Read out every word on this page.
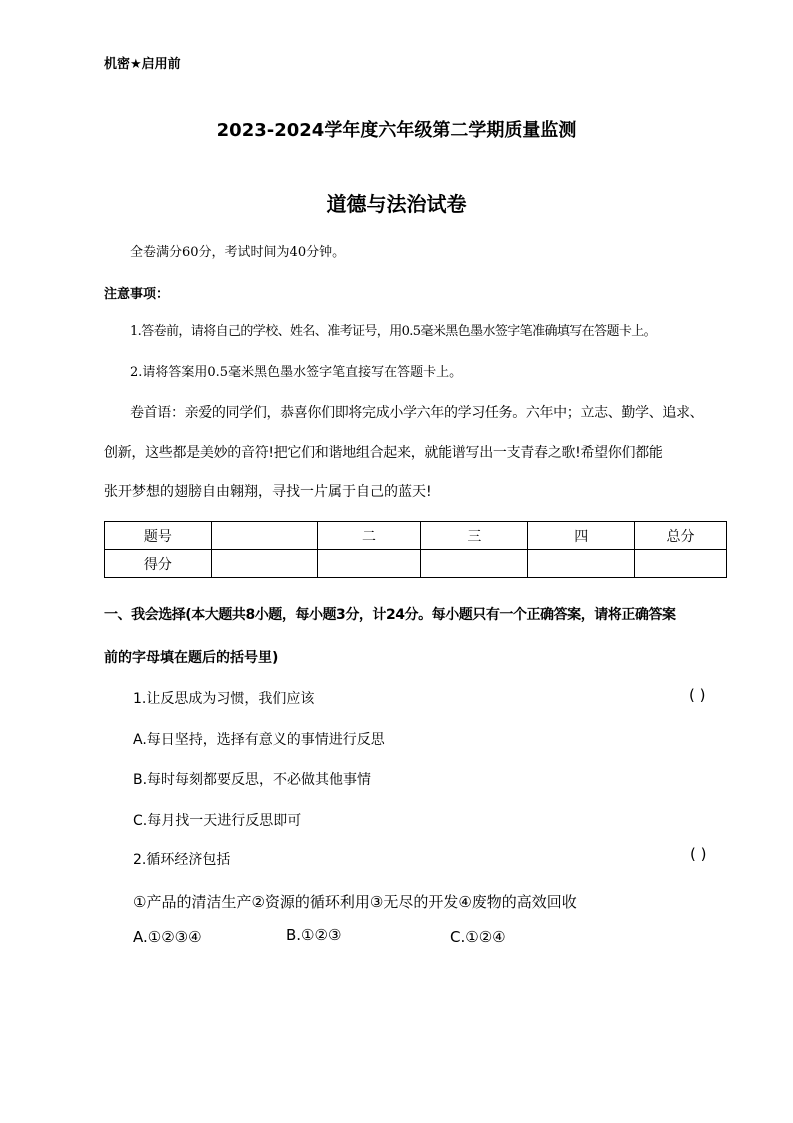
机密★启用前
2023-2024学年度六年级第二学期质量监测
道德与法治试卷
全卷满分60分，考试时间为40分钟。
注意事项：
1.答卷前，请将自己的学校、姓名、准考证号，用0.5毫米黑色墨水签字笔准确填写在答题卡上。
2.请将答案用0.5毫米黑色墨水签字笔直接写在答题卡上。
卷首语：亲爱的同学们，恭喜你们即将完成小学六年的学习任务。六年中；立志、勤学、追求、
创新，这些都是美妙的音符!把它们和谐地组合起来，就能谱写出一支青春之歌!希望你们都能
张开梦想的翅膀自由翱翔，寻找一片属于自己的蓝天!
题号		二	三	四	总分
得分					
一、我会选择(本大题共8小题，每小题3分，计24分。每小题只有一个正确答案，请将正确答案
前的字母填在题后的括号里)
1.让反思成为习惯，我们应该	( )
A.每日坚持，选择有意义的事情进行反思
B.每时每刻都要反思，不必做其他事情
C.每月找一天进行反思即可
2.循环经济包括	( )
①产品的清洁生产②资源的循环利用③无尽的开发④废物的高效回收
A.①②③④	B.①②③	C.①②④
